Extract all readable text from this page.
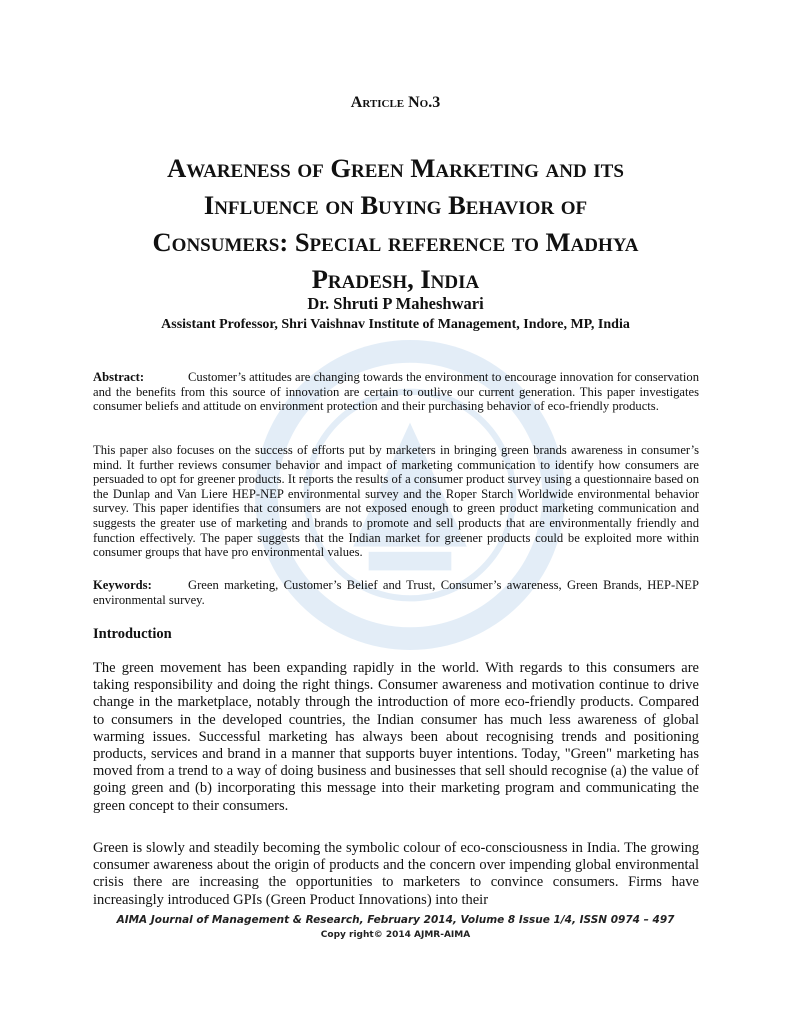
Article No.3
Awareness of Green Marketing and its
Influence on Buying Behavior of
Consumers: Special reference to Madhya
Pradesh, India
Dr. Shruti P Maheshwari
Assistant Professor, Shri Vaishnav Institute of Management, Indore, MP, India

Abstract:	Customer’s attitudes are changing towards the environment to encourage innovation for conservation and the benefits from this source of innovation are certain to outlive our current generation. This paper investigates consumer beliefs and attitude on environment protection and their purchasing behavior of eco-friendly products.

This paper also focuses on the success of efforts put by marketers in bringing green brands awareness in consumer’s mind. It further reviews consumer behavior and impact of marketing communication to identify how consumers are persuaded to opt for greener products. It reports the results of a consumer product survey using a questionnaire based on the Dunlap and Van Liere HEP-NEP environmental survey and the Roper Starch Worldwide environmental behavior survey. This paper identifies that consumers are not exposed enough to green product marketing communication and suggests the greater use of marketing and brands to promote and sell products that are environmentally friendly and function effectively. The paper suggests that the Indian market for greener products could be exploited more within consumer groups that have pro environmental values.

Keywords:	Green marketing, Customer’s Belief and Trust, Consumer’s awareness, Green Brands, HEP-NEP environmental survey.

Introduction

The green movement has been expanding rapidly in the world. With regards to this consumers are taking responsibility and doing the right things. Consumer awareness and motivation continue to drive change in the marketplace, notably through the introduction of more eco-friendly products. Compared to consumers in the developed countries, the Indian consumer has much less awareness of global warming issues. Successful marketing has always been about recognising trends and positioning products, services and brand in a manner that supports buyer intentions. Today, "Green" marketing has moved from a trend to a way of doing business and businesses that sell should recognise (a) the value of going green and (b) incorporating this message into their marketing program and communicating the green concept to their consumers.

Green is slowly and steadily becoming the symbolic colour of eco-consciousness in India. The growing consumer awareness about the origin of products and the concern over impending global environmental crisis there are increasing the opportunities to marketers to convince consumers. Firms have increasingly introduced GPIs (Green Product Innovations) into their

AIMA Journal of Management & Research, February 2014, Volume 8 Issue 1/4, ISSN 0974 – 497
Copy right© 2014 AJMR-AIMA
